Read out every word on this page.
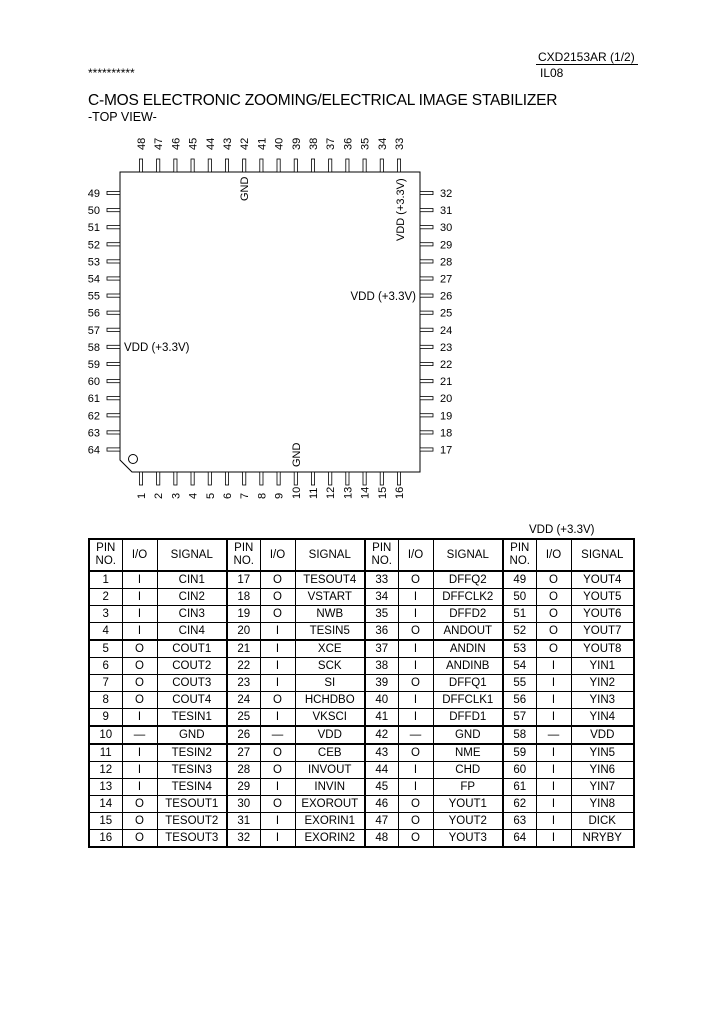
CXD2153AR (1/2)
**********	IL08
C-MOS ELECTRONIC ZOOMING/ELECTRICAL IMAGE STABILIZER
-TOP VIEW-
48
1
49	32
47
2
50	31
46
3
51	30
45
4
52	29
44
5
53	28
43
6
54	27
42
7
55	26
41
8
56	25
40
9
57	24
39
10
58	23
38
11
59	22
37
12
60	21
36
13
61	20
35
14
62	19
34
15
63	18
33
16
64	17
GND	VDD (+3.3V)
VDD (+3.3V)
VDD (+3.3V)
GND
VDD (+3.3V)
PIN NO.	I/O	SIGNAL	PIN NO.	I/O	SIGNAL	PIN NO.	I/O	SIGNAL	PIN NO.	I/O	SIGNAL
1	I	CIN1	17	O	TESOUT4	33	O	DFFQ2	49	O	YOUT4
2	I	CIN2	18	O	VSTART	34	I	DFFCLK2	50	O	YOUT5
3	I	CIN3	19	O	NWB	35	I	DFFD2	51	O	YOUT6
4	I	CIN4	20	I	TESIN5	36	O	ANDOUT	52	O	YOUT7
5	O	COUT1	21	I	XCE	37	I	ANDIN	53	O	YOUT8
6	O	COUT2	22	I	SCK	38	I	ANDINB	54	I	YIN1
7	O	COUT3	23	I	SI	39	O	DFFQ1	55	I	YIN2
8	O	COUT4	24	O	HCHDBO	40	I	DFFCLK1	56	I	YIN3
9	I	TESIN1	25	I	VKSCI	41	I	DFFD1	57	I	YIN4
10	—	GND	26	—	VDD	42	—	GND	58	—	VDD
11	I	TESIN2	27	O	CEB	43	O	NME	59	I	YIN5
12	I	TESIN3	28	O	INVOUT	44	I	CHD	60	I	YIN6
13	I	TESIN4	29	I	INVIN	45	I	FP	61	I	YIN7
14	O	TESOUT1	30	O	EXOROUT	46	O	YOUT1	62	I	YIN8
15	O	TESOUT2	31	I	EXORIN1	47	O	YOUT2	63	I	DICK
16	O	TESOUT3	32	I	EXORIN2	48	O	YOUT3	64	I	NRYBY
